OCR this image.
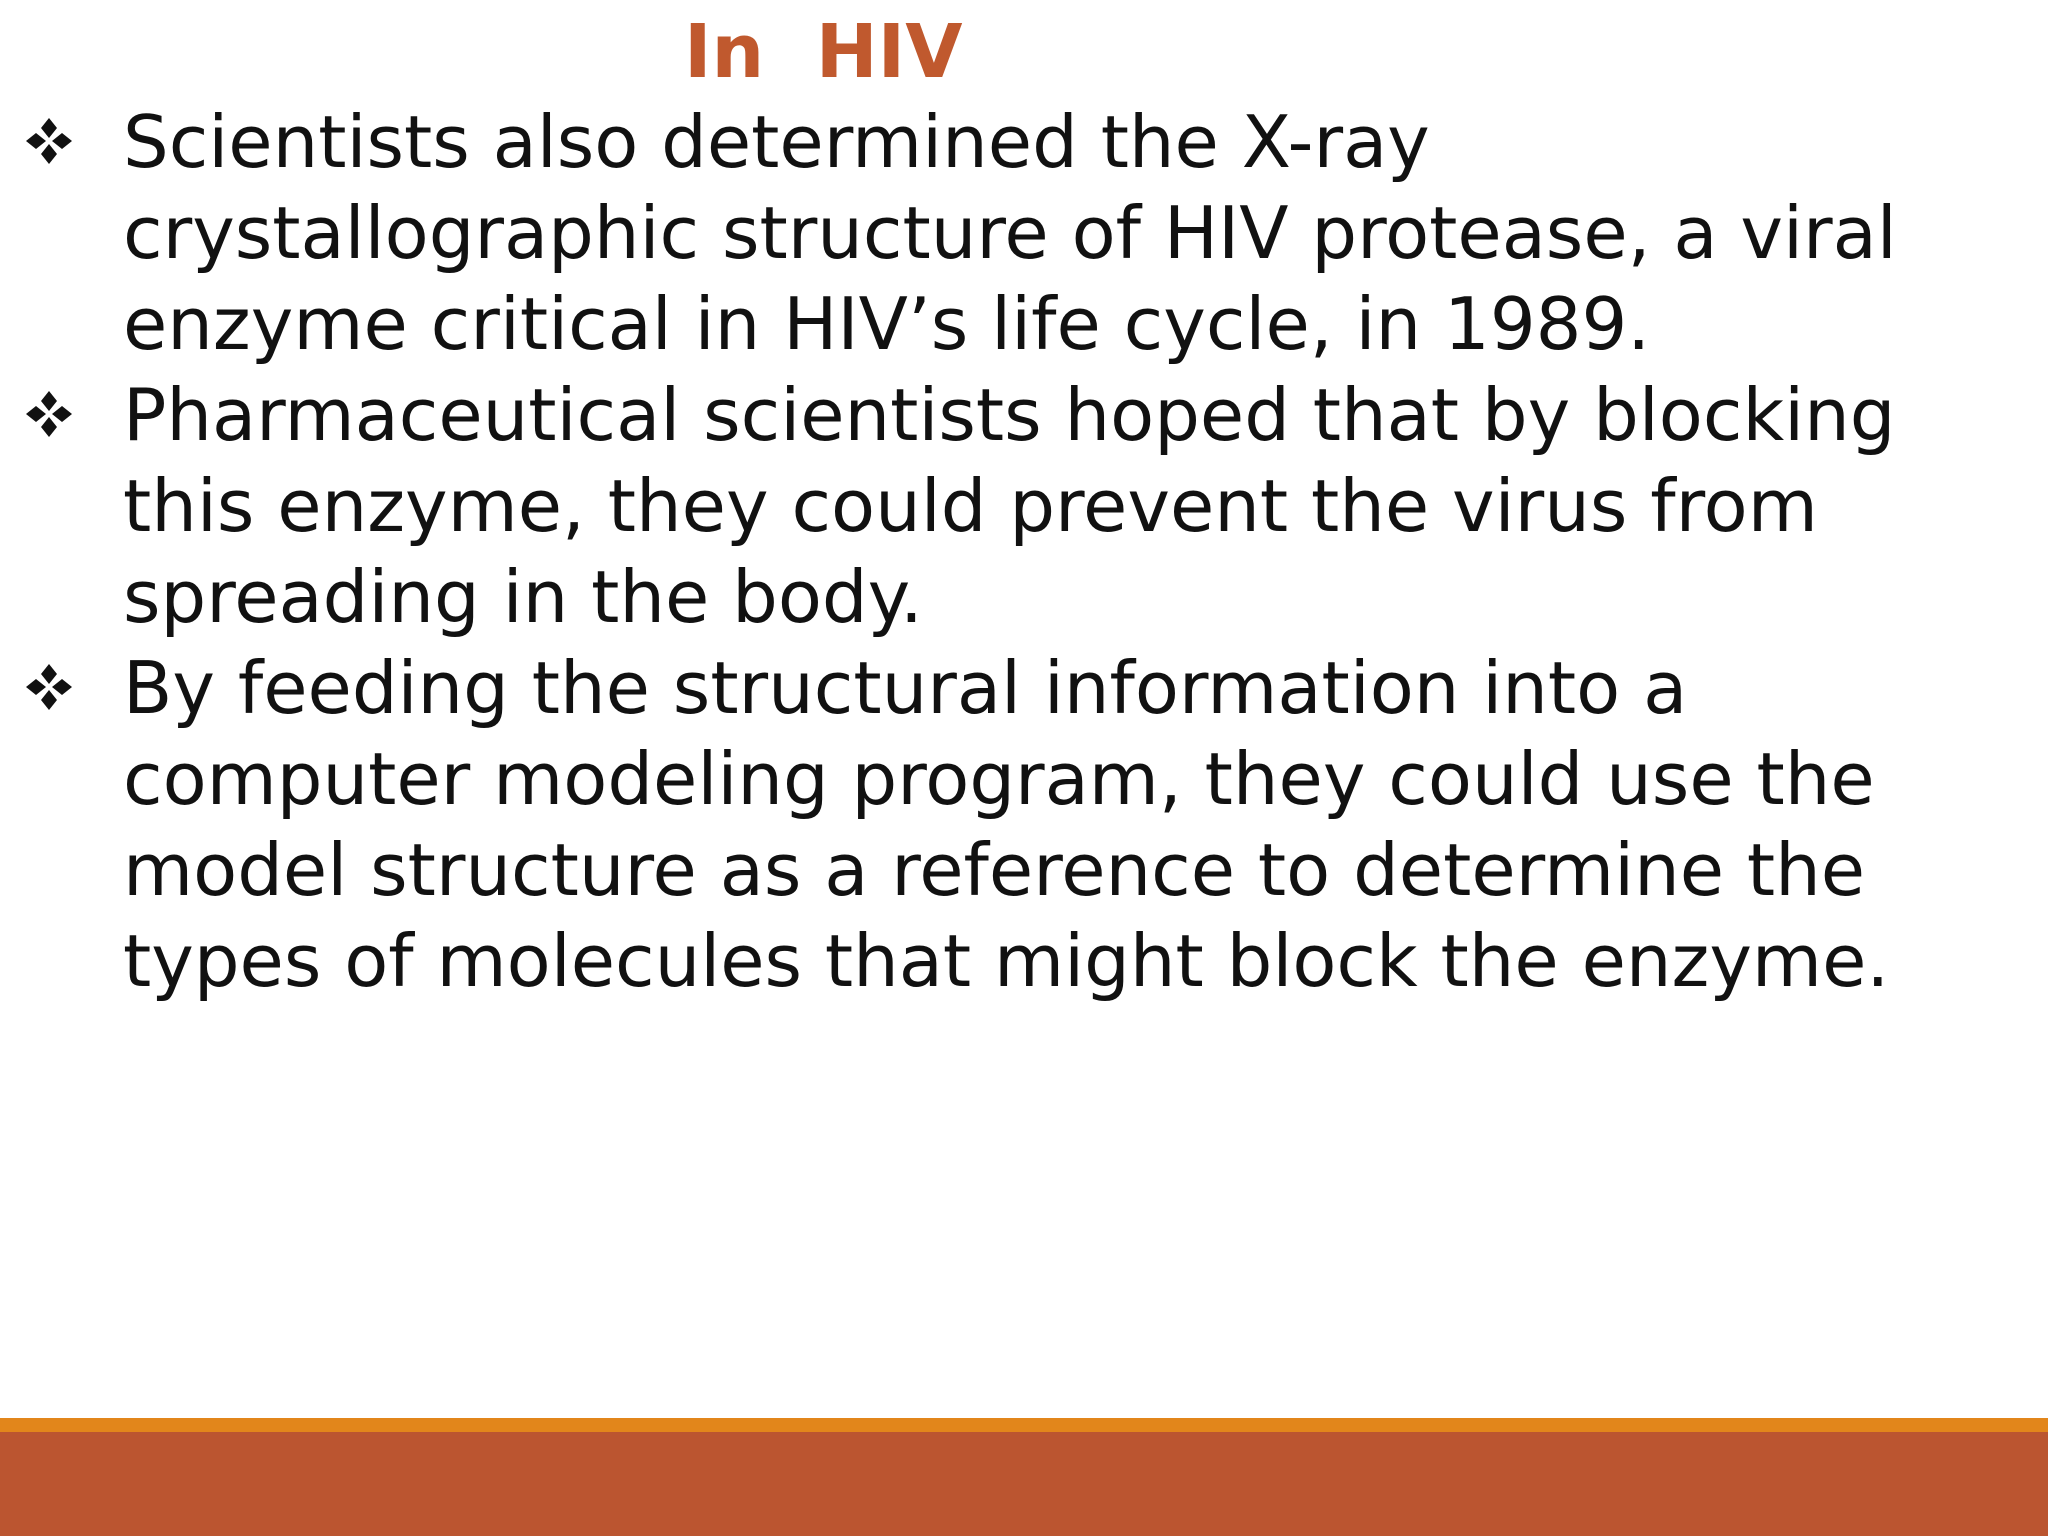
In  HIV
Scientists also determined the X-ray crystallographic structure of HIV protease, a viral enzyme critical in HIV’s life cycle, in 1989.
Pharmaceutical scientists hoped that by blocking this enzyme, they could prevent the virus from spreading in the body.
By feeding the structural information into a computer modeling program, they could use the model structure as a reference to determine the types of molecules that might block the enzyme.
